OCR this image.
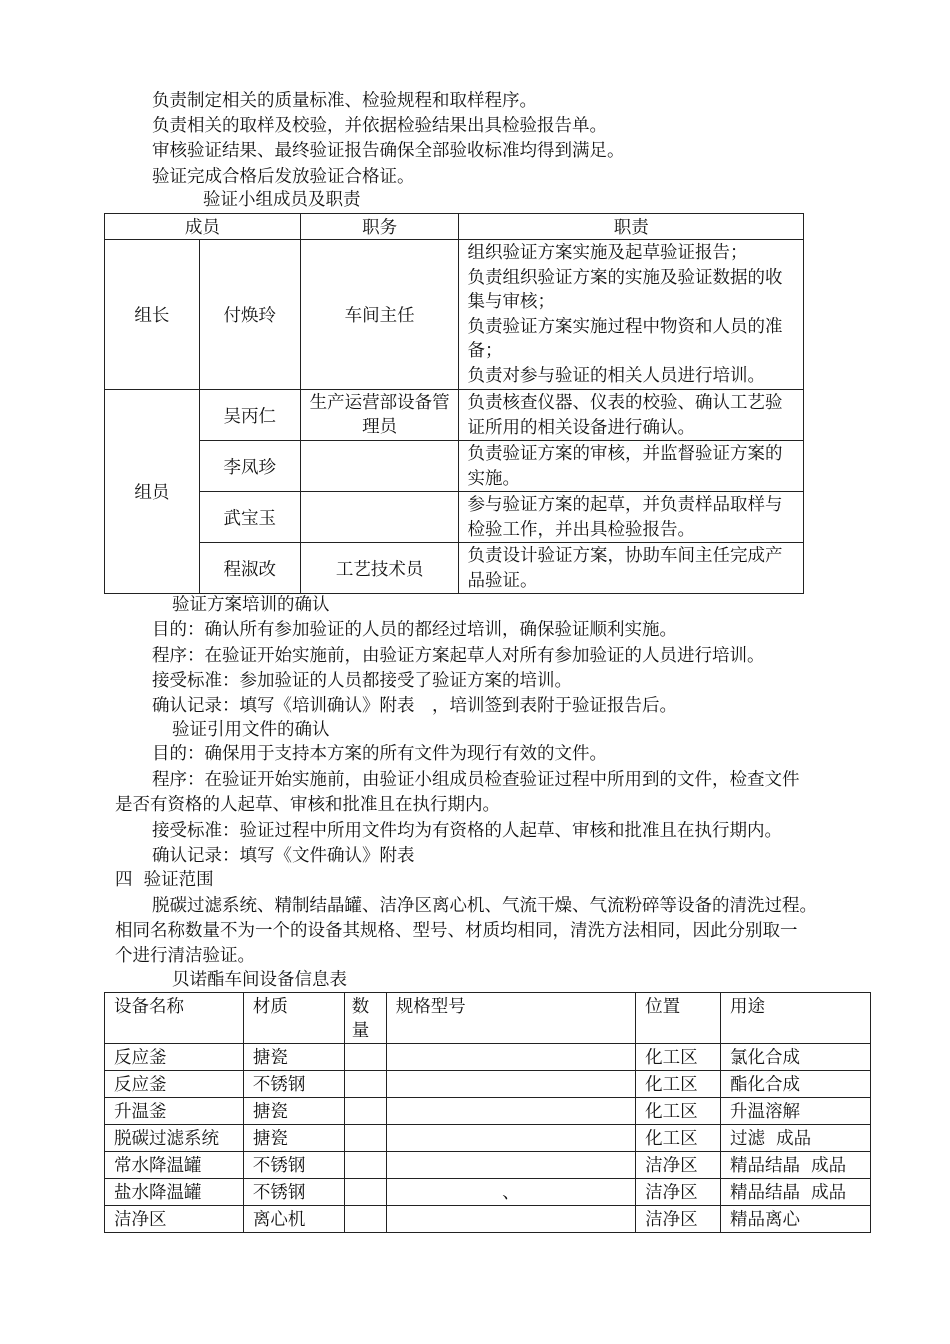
负责制定相关的质量标准、检验规程和取样程序。
负责相关的取样及校验，并依据检验结果出具检验报告单。
审核验证结果、最终验证报告确保全部验收标准均得到满足。
验证完成合格后发放验证合格证。
验证小组成员及职责
成员		职务	职责
组长	付焕玲	车间主任	组织验证方案实施及起草验证报告；
负责组织验证方案的实施及验证数据的收集与审核；
负责验证方案实施过程中物资和人员的准备；
负责对参与验证的相关人员进行培训。

组员	吴丙仁	生产运营部设备管理员	负责核查仪器、仪表的校验、确认工艺验证所用的相关设备进行确认。
	李凤珍		负责验证方案的审核，并监督验证方案的实施。
	武宝玉		参与验证方案的起草，并负责样品取样与检验工作，并出具检验报告。
	程淑改	工艺技术员	负责设计验证方案，协助车间主任完成产品验证。
验证方案培训的确认
目的：确认所有参加验证的人员的都经过培训，确保验证顺利实施。
程序：在验证开始实施前，由验证方案起草人对所有参加验证的人员进行培训。
接受标准：参加验证的人员都接受了验证方案的培训。
确认记录：填写《培训确认》附表　，培训签到表附于验证报告后。
验证引用文件的确认
目的：确保用于支持本方案的所有文件为现行有效的文件。
程序：在验证开始实施前，由验证小组成员检查验证过程中所用到的文件，检查文件
是否有资格的人起草、审核和批准且在执行期内。
接受标准：验证过程中所用文件均为有资格的人起草、审核和批准且在执行期内。
确认记录：填写《文件确认》附表
四  验证范围
脱碳过滤系统、精制结晶罐、洁净区离心机、气流干燥、气流粉碎等设备的清洗过程。
相同名称数量不为一个的设备其规格、型号、材质均相同，清洗方法相同，因此分别取一
个进行清洁验证。
贝诺酯车间设备信息表
设备名称	材质	数
量	规格型号	位置	用途
反应釜	搪瓷			化工区	氯化合成
反应釜	不锈钢			化工区	酯化合成
升温釜	搪瓷			化工区	升温溶解
脱碳过滤系统	搪瓷			化工区	过滤  成品
常水降温罐	不锈钢			洁净区	精品结晶  成品
盐水降温罐	不锈钢		、	洁净区	精品结晶  成品
洁净区	离心机			洁净区	精品离心
